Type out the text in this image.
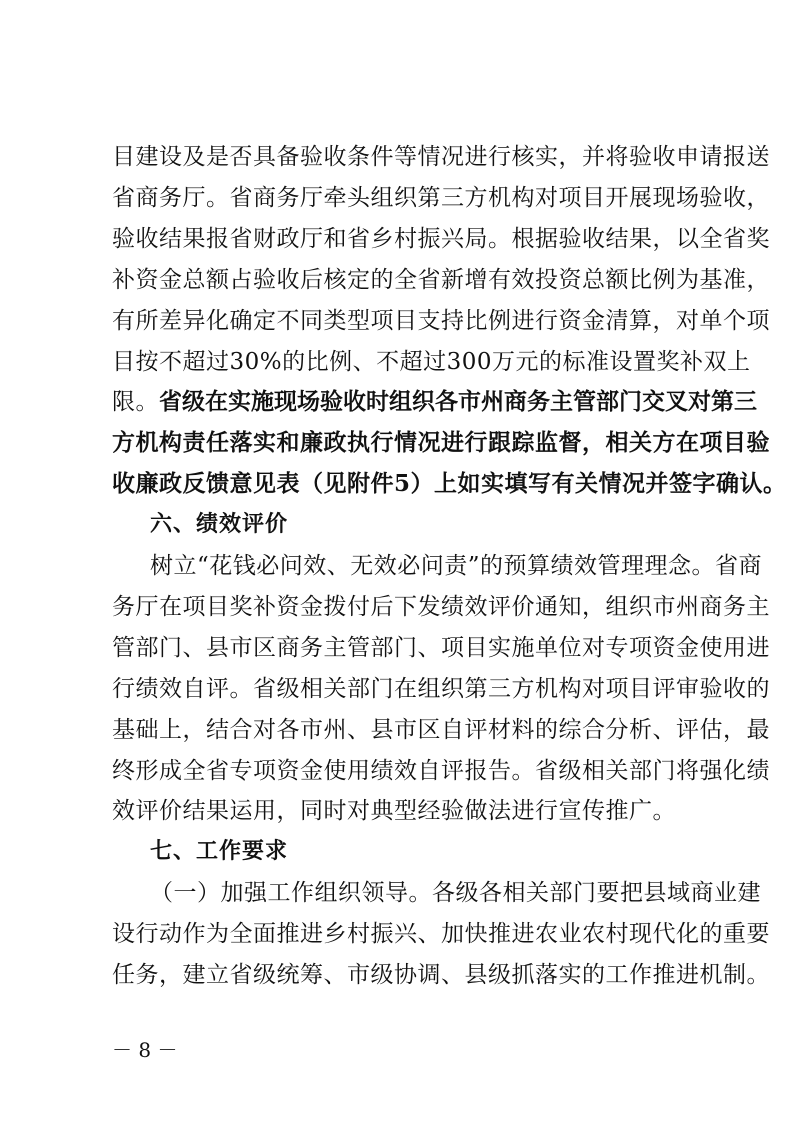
目建设及是否具备验收条件等情况进行核实，并将验收申请报送
省商务厅。省商务厅牵头组织第三方机构对项目开展现场验收，
验收结果报省财政厅和省乡村振兴局。根据验收结果，以全省奖
补资金总额占验收后核定的全省新增有效投资总额比例为基准，
有所差异化确定不同类型项目支持比例进行资金清算，对单个项
目按不超过30%的比例、不超过300万元的标准设置奖补双上
限。省级在实施现场验收时组织各市州商务主管部门交叉对第三
方机构责任落实和廉政执行情况进行跟踪监督，相关方在项目验
收廉政反馈意见表（见附件5）上如实填写有关情况并签字确认。
六、绩效评价
树立“花钱必问效、无效必问责”的预算绩效管理理念。省商
务厅在项目奖补资金拨付后下发绩效评价通知，组织市州商务主
管部门、县市区商务主管部门、项目实施单位对专项资金使用进
行绩效自评。省级相关部门在组织第三方机构对项目评审验收的
基础上，结合对各市州、县市区自评材料的综合分析、评估，最
终形成全省专项资金使用绩效自评报告。省级相关部门将强化绩
效评价结果运用，同时对典型经验做法进行宣传推广。
七、工作要求
（一）加强工作组织领导。各级各相关部门要把县域商业建
设行动作为全面推进乡村振兴、加快推进农业农村现代化的重要
任务，建立省级统筹、市级协调、县级抓落实的工作推进机制。
－ 8 －
